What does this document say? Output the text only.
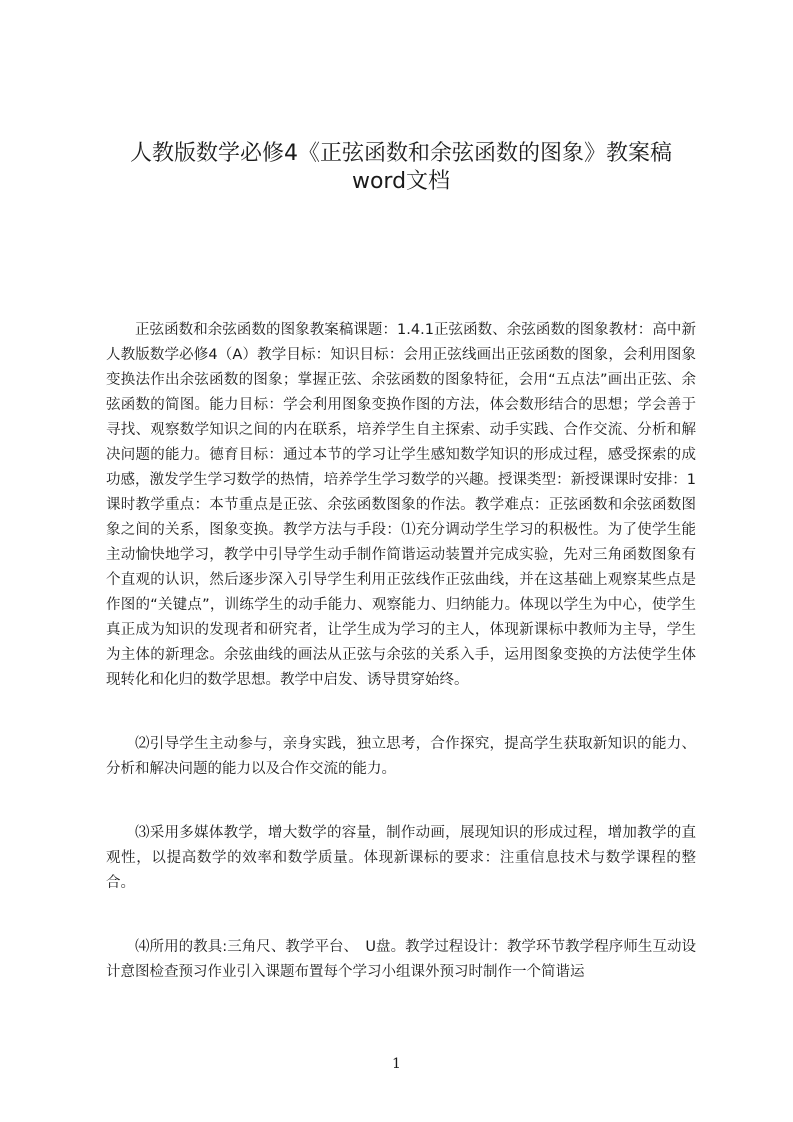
人教版数学必修4《正弦函数和余弦函数的图象》教案稿
word文档

正弦函数和余弦函数的图象教案稿课题：1.4.1正弦函数、余弦函数的图象教材：高中新人教版数学必修4（A）教学目标：知识目标：会用正弦线画出正弦函数的图象，会利用图象变换法作出余弦函数的图象；掌握正弦、余弦函数的图象特征，会用“五点法”画出正弦、余弦函数的简图。能力目标：学会利用图象变换作图的方法，体会数形结合的思想；学会善于寻找、观察数学知识之间的内在联系，培养学生自主探索、动手实践、合作交流、分析和解决问题的能力。德育目标：通过本节的学习让学生感知数学知识的形成过程，感受探索的成功感，激发学生学习数学的热情，培养学生学习数学的兴趣。授课类型：新授课课时安排：1课时教学重点：本节重点是正弦、余弦函数图象的作法。教学难点：正弦函数和余弦函数图象之间的关系，图象变换。教学方法与手段：⑴充分调动学生学习的积极性。为了使学生能主动愉快地学习，教学中引导学生动手制作简谐运动装置并完成实验，先对三角函数图象有个直观的认识，然后逐步深入引导学生利用正弦线作正弦曲线，并在这基础上观察某些点是作图的“关键点”，训练学生的动手能力、观察能力、归纳能力。体现以学生为中心，使学生真正成为知识的发现者和研究者，让学生成为学习的主人，体现新课标中教师为主导，学生为主体的新理念。余弦曲线的画法从正弦与余弦的关系入手，运用图象变换的方法使学生体现转化和化归的数学思想。教学中启发、诱导贯穿始终。

⑵引导学生主动参与，亲身实践，独立思考，合作探究，提高学生获取新知识的能力、分析和解决问题的能力以及合作交流的能力。

⑶采用多媒体教学，增大数学的容量，制作动画，展现知识的形成过程，增加教学的直观性，以提高数学的效率和数学质量。体现新课标的要求：注重信息技术与数学课程的整合。

⑷所用的教具:三角尺、教学平台、　U盘。教学过程设计：教学环节教学程序师生互动设计意图检查预习作业引入课题布置每个学习小组课外预习时制作一个简谐运

1
